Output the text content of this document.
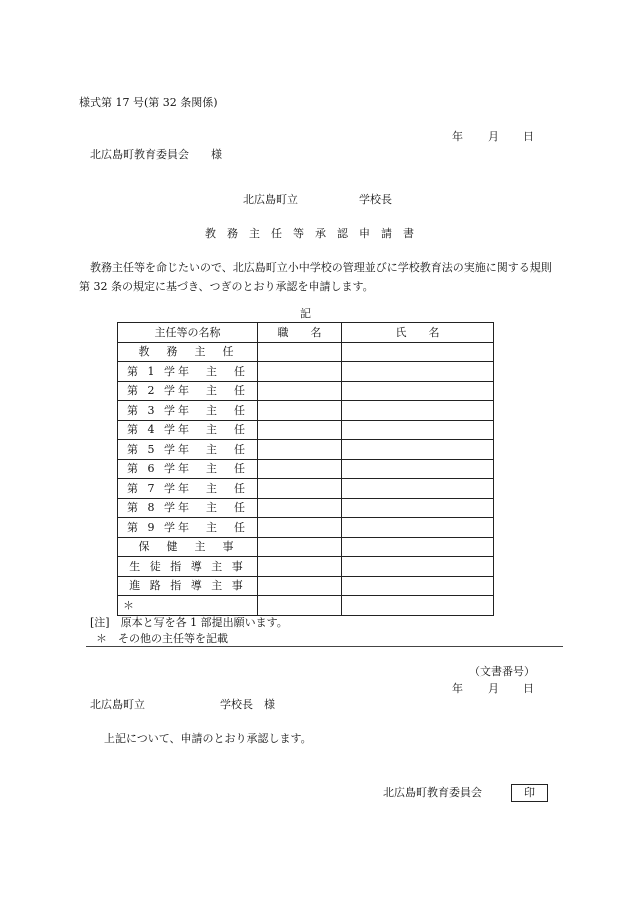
様式第 17 号(第 32 条関係)
年 月 日
北広島町教育委員会　　様
北広島町立	学校長
教務主任等承認申請書
教務主任等を命じたいので、北広島町立小中学校の管理並びに学校教育法の実施に関する規則第 32 条の規定に基づき、つぎのとおり承認を申請します。
記
主任等の名称	職　　名	氏　　名
教　務　主　任		
第 1 学年　主　任		
第 2 学年　主　任		
第 3 学年　主　任		
第 4 学年　主　任		
第 5 学年　主　任		
第 6 学年　主　任		
第 7 学年　主　任		
第 8 学年　主　任		
第 9 学年　主　任		
保　健　主　事		
生 徒 指 導 主 事		
進 路 指 導 主 事		
＊		
[注]　原本と写を各 1 部提出願います。
＊　その他の主任等を記載
（文書番号）
年 月 日
北広島町立	学校長　様
上記について、申請のとおり承認します。
北広島町教育委員会	印
